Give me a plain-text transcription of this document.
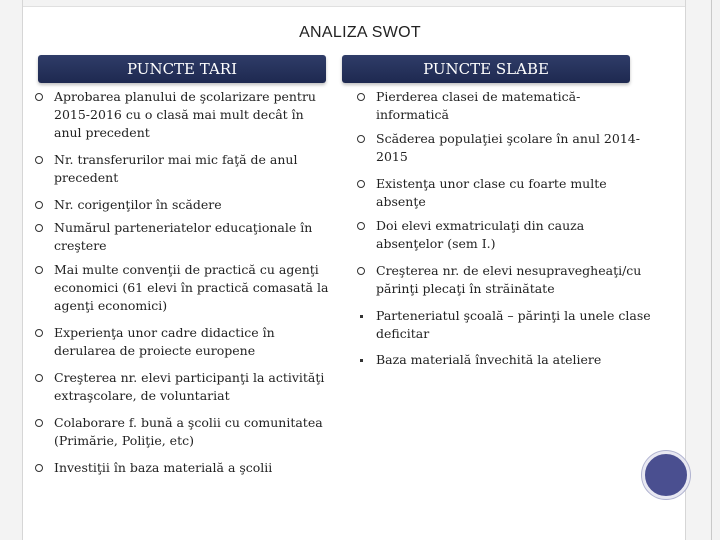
ANALIZA SWOT
PUNCTE TARI	PUNCTE SLABE
Aprobarea planului de şcolarizare pentru 2015-2016 cu o clasă mai mult decât în anul precedent
Nr. transferurilor mai mic faţă de anul precedent
Nr. corigenţilor în scădere
Numărul parteneriatelor educaţionale în creştere
Mai multe convenţii de practică cu agenţi economici (61 elevi în practică comasată la agenţi economici)
Experienţa unor cadre didactice în derularea de proiecte europene
Creşterea nr. elevi participanţi la activităţi extraşcolare, de voluntariat
Colaborare f. bună a şcolii cu comunitatea (Primărie, Poliţie, etc)
Investiţii în baza materială a şcolii
Pierderea clasei de matematică-informatică
Scăderea populaţiei şcolare în anul 2014-2015
Existenţa unor clase cu foarte multe absenţe
Doi elevi exmatriculaţi din cauza absenţelor (sem I.)
Creşterea nr. de elevi nesupravegheaţi/cu părinţi plecaţi în străinătate
Parteneriatul şcoală – părinţi la unele clase deficitar
Baza materială învechită la ateliere
